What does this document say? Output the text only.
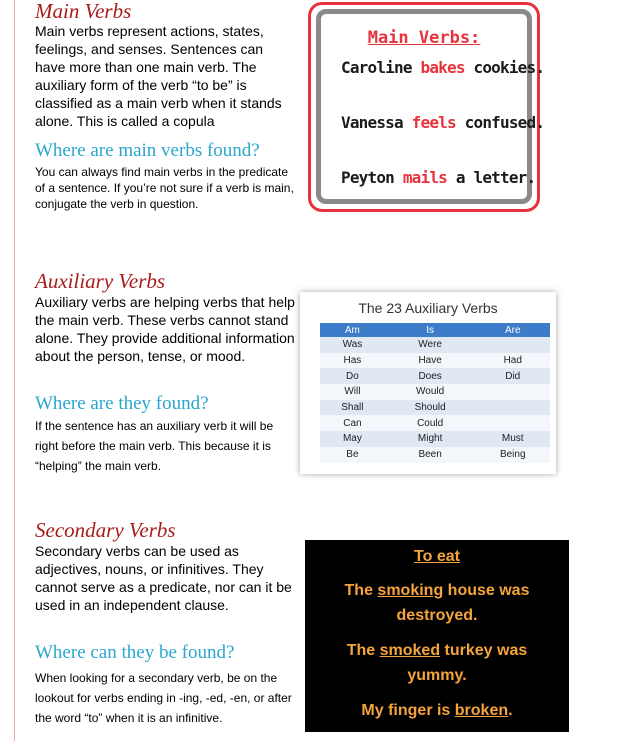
Main Verbs
Main verbs represent actions, states, feelings, and senses. Sentences can have more than one main verb. The auxiliary form of the verb “to be” is classified as a main verb when it stands alone. This is called a copula
Where are main verbs found?
You can always find main verbs in the predicate of a sentence. If you’re not sure if a verb is main, conjugate the verb in question.
Main Verbs:
Caroline bakes cookies.
Vanessa feels confused.
Peyton mails a letter.
Auxiliary Verbs
Auxiliary verbs are helping verbs that help the main verb. These verbs cannot stand alone. They provide additional information about the person, tense, or mood.
Where are they found?
If the sentence has an auxiliary verb it will be right before the main verb. This because it is “helping” the main verb.
The 23 Auxiliary Verbs
Am	Is	Are
Was	Were	
Has	Have	Had
Do	Does	Did
Will	Would	
Shall	Should	
Can	Could	
May	Might	Must
Be	Been	Being
Secondary Verbs
Secondary verbs can be used as adjectives, nouns, or infinitives. They cannot serve as a predicate, nor can it be used in an independent clause.
Where can they be found?
When looking for a secondary verb, be on the lookout for verbs ending in -ing, -ed, -en, or after the word “to” when it is an infinitive.
To eat
The smoking house was
destroyed.
The smoked turkey was
yummy.
My finger is broken.
